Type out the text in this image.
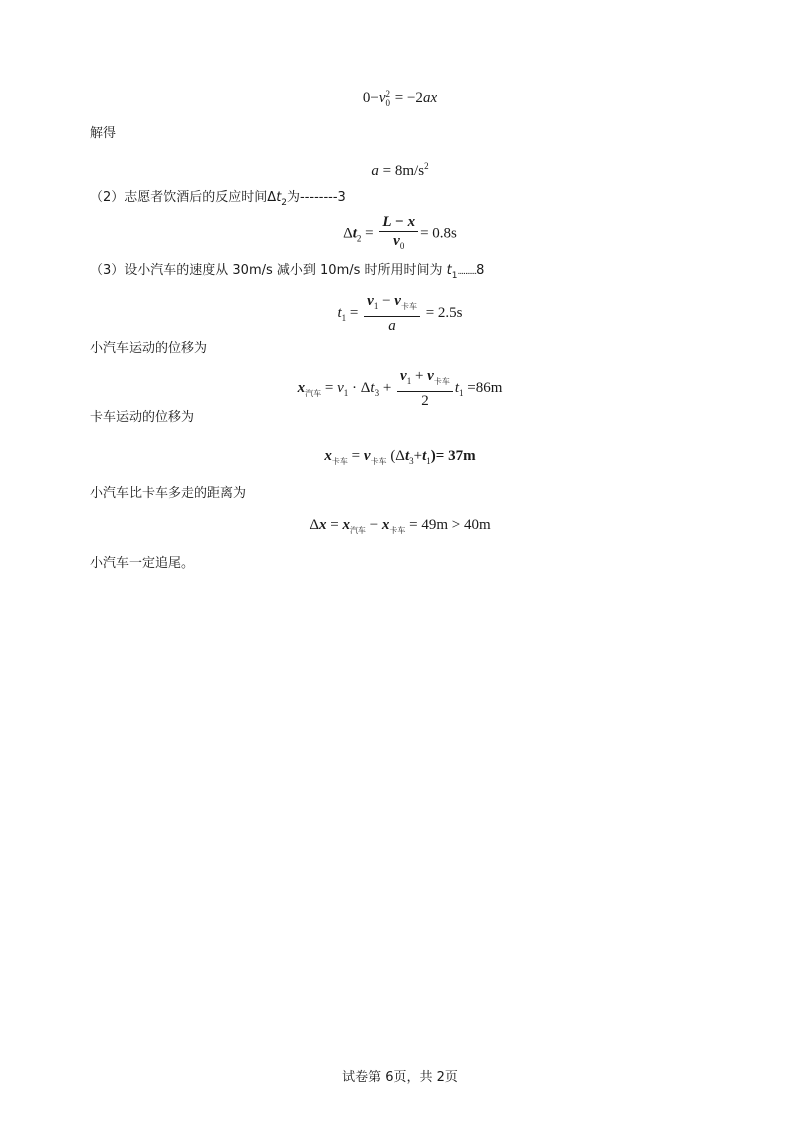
0−v 2
0 = −2ax
解得
$a = 8m/s^2$
（2）志愿者饮酒后的反应时间$\Delta t_2$为--------3
$\Delta t_2 = \frac{L - x}{v_0} = 0.8s$
（3）设小汽车的速度从 30m/s 减小到 10m/s 时所用时间为 $t_1..........8$
$t_1 = \frac{v_1 - v_{卡车}}{a} = 2.5s$
小汽车运动的位移为
$x_{汽车} = v_1 \cdot \Delta t_3 + \frac{v_1 + v_{卡车}}{2} t_1 =86m$
卡车运动的位移为
$x_{卡车} = v_{卡车}$ $(\Delta t_3+t_1)= 37m$
小汽车比卡车多走的距离为
$\Delta x = x_{汽车} - x_{卡车} = 49m > 40m$
小汽车一定追尾。
试卷第 6页，共 2页
